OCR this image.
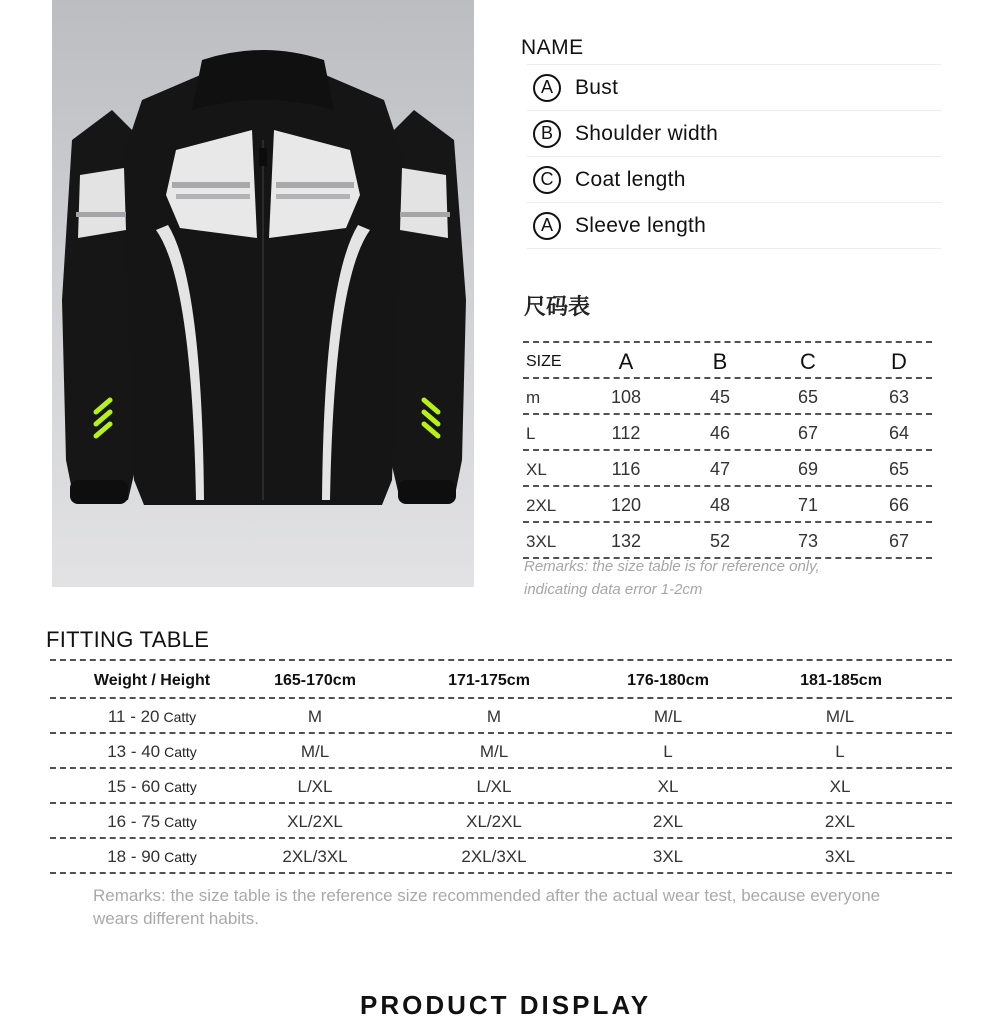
NAME
A	Bust
B	Shoulder width
C	Coat length
A	Sleeve length
尺码表
SIZE	A	B	C	D
m	108	45	65	63
L	112	46	67	64
XL	116	47	69	65
2XL	120	48	71	66
3XL	132	52	73	67
Remarks: the size table is for reference only,
indicating data error 1-2cm
FITTING TABLE
Weight / Height	165-170cm	171-175cm	176-180cm	181-185cm
11 - 20 Catty	M	M	M/L	M/L
13 - 40 Catty	M/L	M/L	L	L
15 - 60 Catty	L/XL	L/XL	XL	XL
16 - 75 Catty	XL/2XL	XL/2XL	2XL	2XL
18 - 90 Catty	2XL/3XL	2XL/3XL	3XL	3XL
Remarks: the size table is the reference size recommended after the actual wear test, because everyone wears different habits.
PRODUCT DISPLAY
